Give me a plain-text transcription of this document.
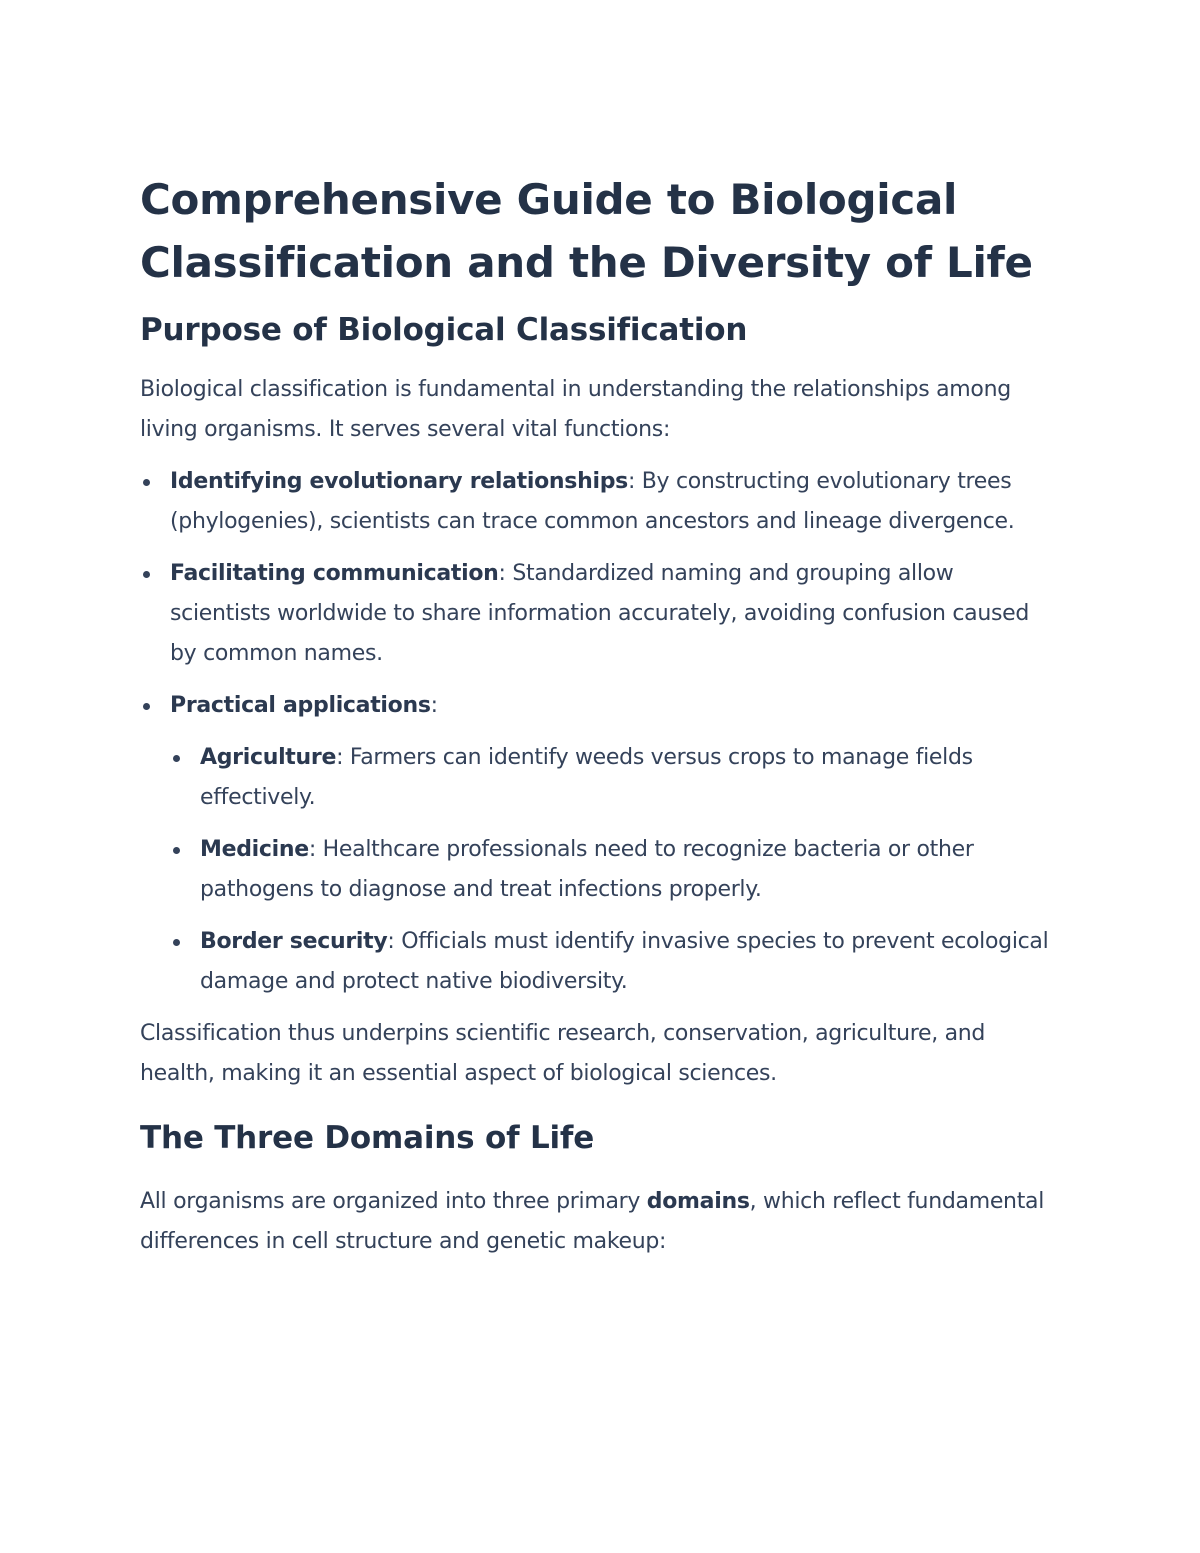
Comprehensive Guide to Biological Classification and the Diversity of Life
Purpose of Biological Classification

Biological classification is fundamental in understanding the relationships among living organisms. It serves several vital functions:

Identifying evolutionary relationships: By constructing evolutionary trees (phylogenies), scientists can trace common ancestors and lineage divergence.
Facilitating communication: Standardized naming and grouping allow scientists worldwide to share information accurately, avoiding confusion caused by common names.
Practical applications:
Agriculture: Farmers can identify weeds versus crops to manage fields effectively.
Medicine: Healthcare professionals need to recognize bacteria or other pathogens to diagnose and treat infections properly.
Border security: Officials must identify invasive species to prevent ecological damage and protect native biodiversity.

Classification thus underpins scientific research, conservation, agriculture, and health, making it an essential aspect of biological sciences.

The Three Domains of Life

All organisms are organized into three primary domains, which reflect fundamental differences in cell structure and genetic makeup:
